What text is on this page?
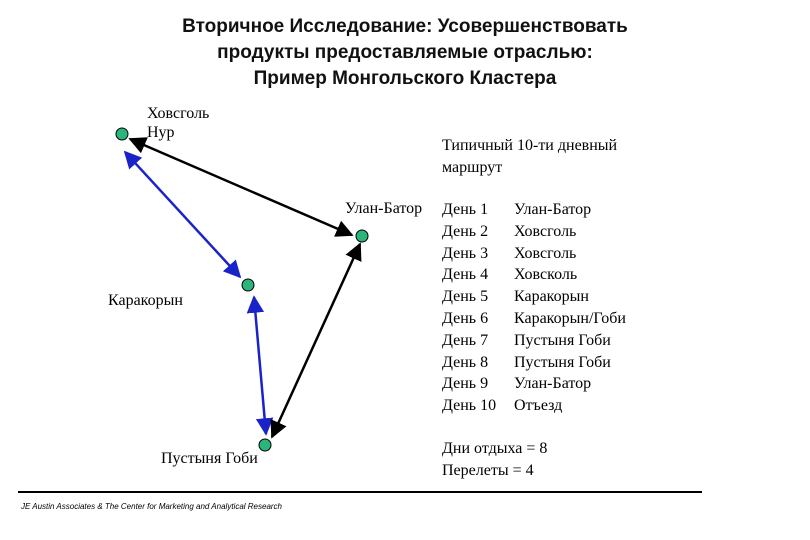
Вторичное Исследование: Усовершенствовать
продукты предоставляемые отраслью:
Пример Монгольского Кластера
Ховсголь
Нур
Улан-Батор
Каракорын
Пустыня Гоби
Типичный 10-ти дневный
маршрут
День 1	Улан-Батор
День 2	Ховсголь
День 3	Ховсголь
День 4	Ховсколь
День 5	Каракорын
День 6	Каракорын/Гоби
День 7	Пустыня Гоби
День 8	Пустыня Гоби
День 9	Улан-Батор
День 10	Отъезд
Дни отдыха = 8
Перелеты = 4
JE Austin Associates & The Center for Marketing and Analytical Research
